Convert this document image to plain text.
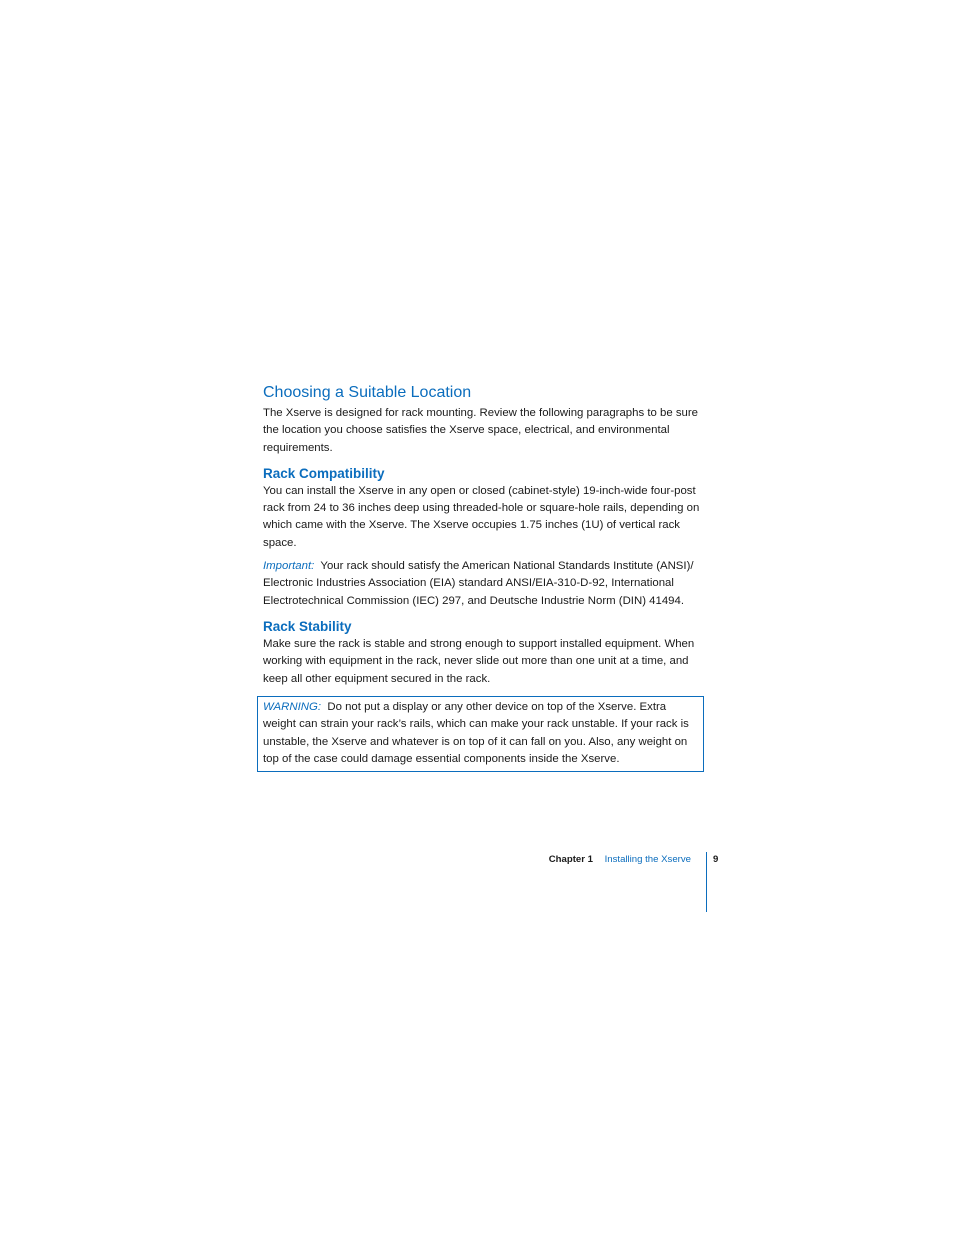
Choosing a Suitable Location

The Xserve is designed for rack mounting. Review the following paragraphs to be sure the location you choose satisfies the Xserve space, electrical, and environmental requirements.

Rack Compatibility

You can install the Xserve in any open or closed (cabinet-style) 19-inch-wide four-post rack from 24 to 36 inches deep using threaded-hole or square-hole rails, depending on which came with the Xserve. The Xserve occupies 1.75 inches (1U) of vertical rack space.

Important: Your rack should satisfy the American National Standards Institute (ANSI)/ Electronic Industries Association (EIA) standard ANSI/EIA-310-D-92, International Electrotechnical Commission (IEC) 297, and Deutsche Industrie Norm (DIN) 41494.

Rack Stability

Make sure the rack is stable and strong enough to support installed equipment. When working with equipment in the rack, never slide out more than one unit at a time, and keep all other equipment secured in the rack.

WARNING: Do not put a display or any other device on top of the Xserve. Extra weight can strain your rack’s rails, which can make your rack unstable. If your rack is unstable, the Xserve and whatever is on top of it can fall on you. Also, any weight on top of the case could damage essential components inside the Xserve.

Chapter 1 Installing the Xserve 9
